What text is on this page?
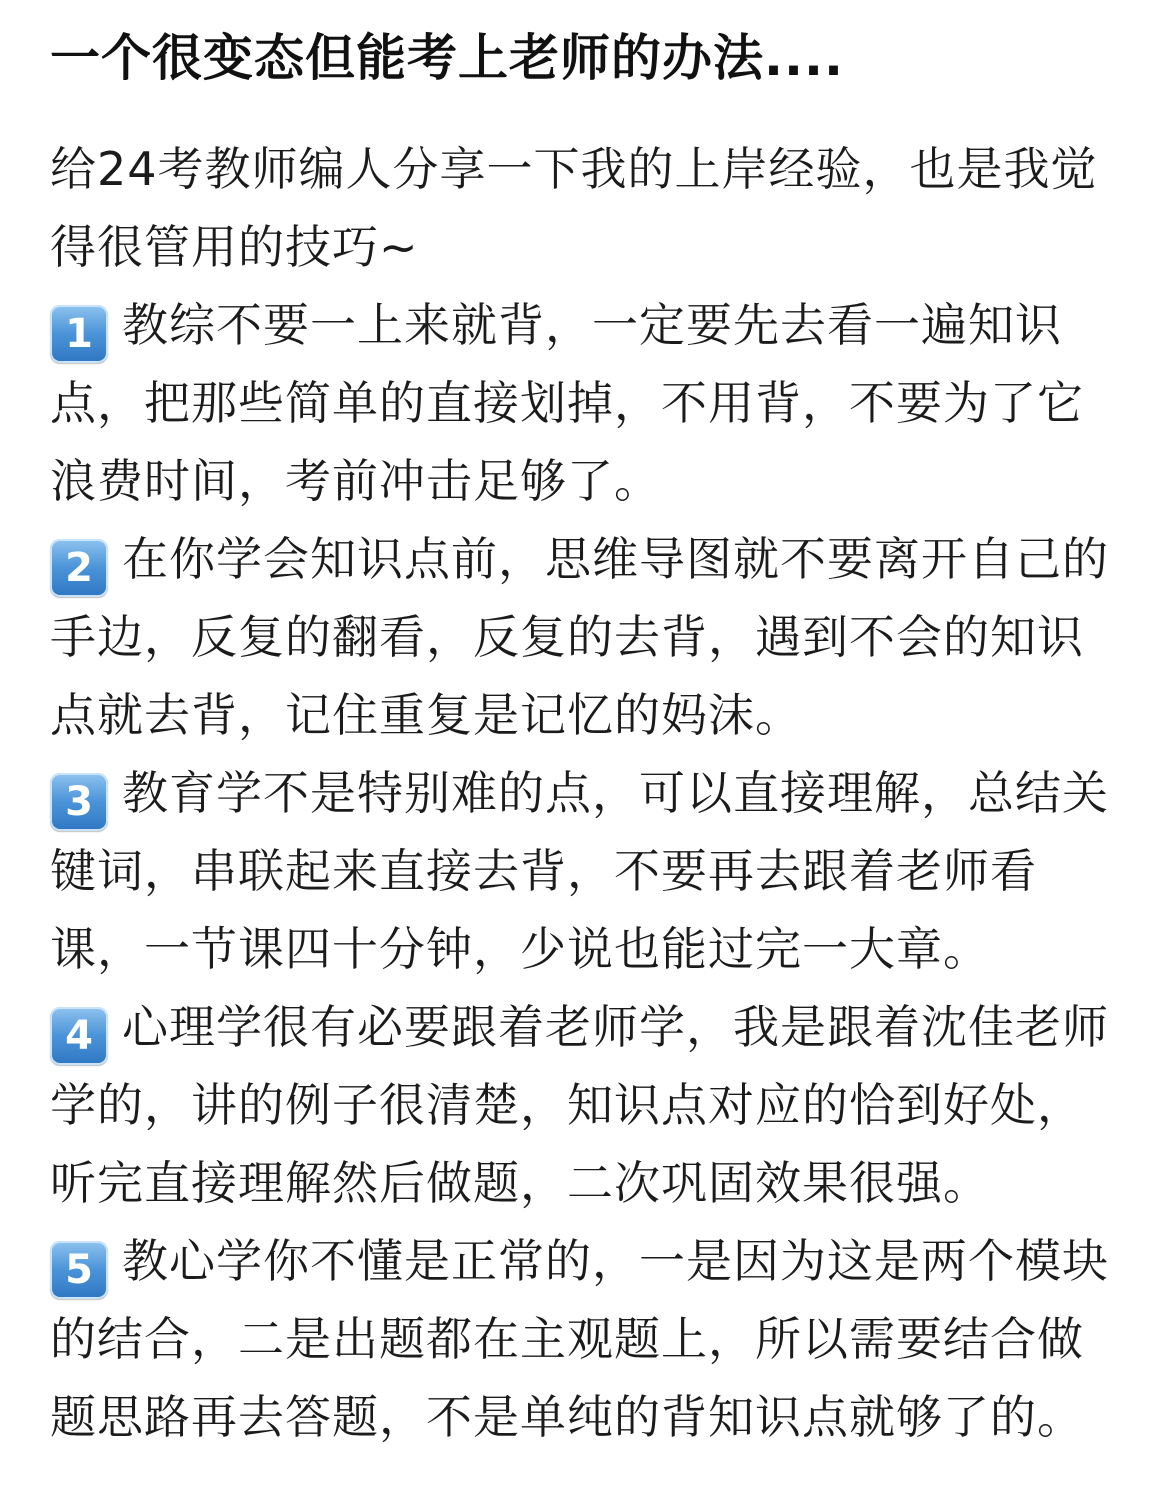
一个很变态但能考上老师的办法....

给24考教师编人分享一下我的上岸经验，也是我觉得很管用的技巧~

1 教综不要一上来就背，一定要先去看一遍知识点，把那些简单的直接划掉，不用背，不要为了它浪费时间，考前冲击足够了。

2 在你学会知识点前，思维导图就不要离开自己的手边，反复的翻看，反复的去背，遇到不会的知识点就去背，记住重复是记忆的妈沫。

3 教育学不是特别难的点，可以直接理解，总结关键词，串联起来直接去背，不要再去跟着老师看课，一节课四十分钟，少说也能过完一大章。

4 心理学很有必要跟着老师学，我是跟着沈佳老师学的，讲的例子很清楚，知识点对应的恰到好处，听完直接理解然后做题，二次巩固效果很强。

5 教心学你不懂是正常的，一是因为这是两个模块的结合，二是出题都在主观题上，所以需要结合做题思路再去答题，不是单纯的背知识点就够了的。
